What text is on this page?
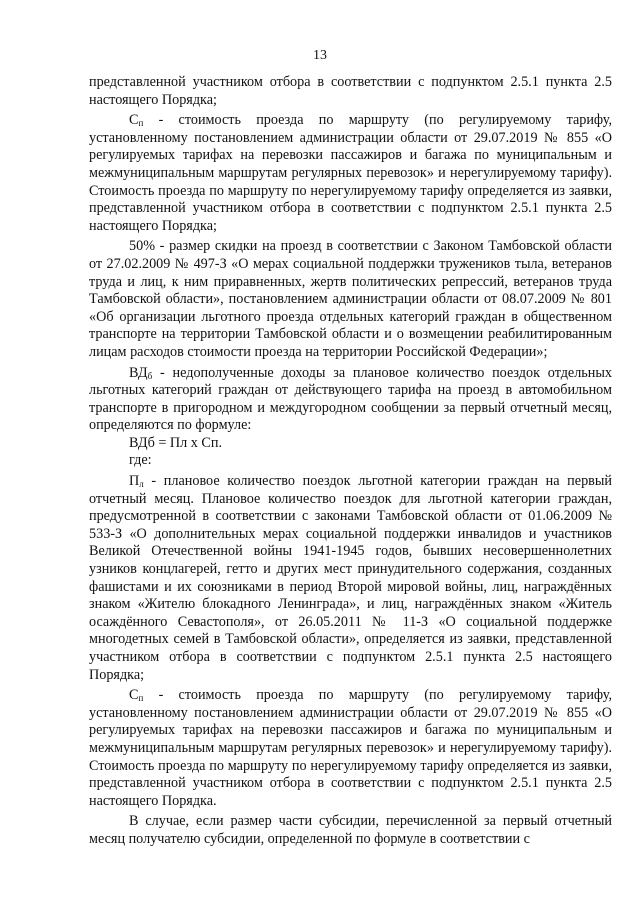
13

представленной участником отбора в соответствии с подпунктом 2.5.1 пункта 2.5 настоящего Порядка;

$С_п$ - стоимость проезда по маршруту (по регулируемому тарифу, установленному постановлением администрации области от 29.07.2019 № 855 «О регулируемых тарифах на перевозки пассажиров и багажа по муниципальным и межмуниципальным маршрутам регулярных перевозок» и нерегулируемому тарифу). Стоимость проезда по маршруту по нерегулируемому тарифу определяется из заявки, представленной участником отбора в соответствии с подпунктом 2.5.1 пункта 2.5 настоящего Порядка;

50% - размер скидки на проезд в соответствии с Законом Тамбовской области от 27.02.2009 № 497-З «О мерах социальной поддержки тружеников тыла, ветеранов труда и лиц, к ним приравненных, жертв политических репрессий, ветеранов труда Тамбовской области», постановлением администрации области от 08.07.2009 № 801 «Об организации льготного проезда отдельных категорий граждан в общественном транспорте на территории Тамбовской области и о возмещении реабилитированным лицам расходов стоимости проезда на территории Российской Федерации»;

$ВД_б$ - недополученные доходы за плановое количество поездок отдельных льготных категорий граждан от действующего тарифа на проезд в автомобильном транспорте в пригородном и междугородном сообщении за первый отчетный месяц, определяются по формуле:

ВДб = Пл х Сп.

где:

$П_л$ - плановое количество поездок льготной категории граждан на первый отчетный месяц. Плановое количество поездок для льготной категории граждан, предусмотренной в соответствии с законами Тамбовской области от 01.06.2009 № 533-З «О дополнительных мерах социальной поддержки инвалидов и участников Великой Отечественной войны 1941-1945 годов, бывших несовершеннолетних узников концлагерей, гетто и других мест принудительного содержания, созданных фашистами и их союзниками в период Второй мировой войны, лиц, награждённых знаком «Жителю блокадного Ленинграда», и лиц, награждённых знаком «Житель осаждённого Севастополя», от 26.05.2011 № 11-З «О социальной поддержке многодетных семей в Тамбовской области», определяется из заявки, представленной участником отбора в соответствии с подпунктом 2.5.1 пункта 2.5 настоящего Порядка;

$С_п$ - стоимость проезда по маршруту (по регулируемому тарифу, установленному постановлением администрации области от 29.07.2019 № 855 «О регулируемых тарифах на перевозки пассажиров и багажа по муниципальным и межмуниципальным маршрутам регулярных перевозок» и нерегулируемому тарифу). Стоимость проезда по маршруту по нерегулируемому тарифу определяется из заявки, представленной участником отбора в соответствии с подпунктом 2.5.1 пункта 2.5 настоящего Порядка.

В случае, если размер части субсидии, перечисленной за первый отчетный месяц получателю субсидии, определенной по формуле в соответствии с
